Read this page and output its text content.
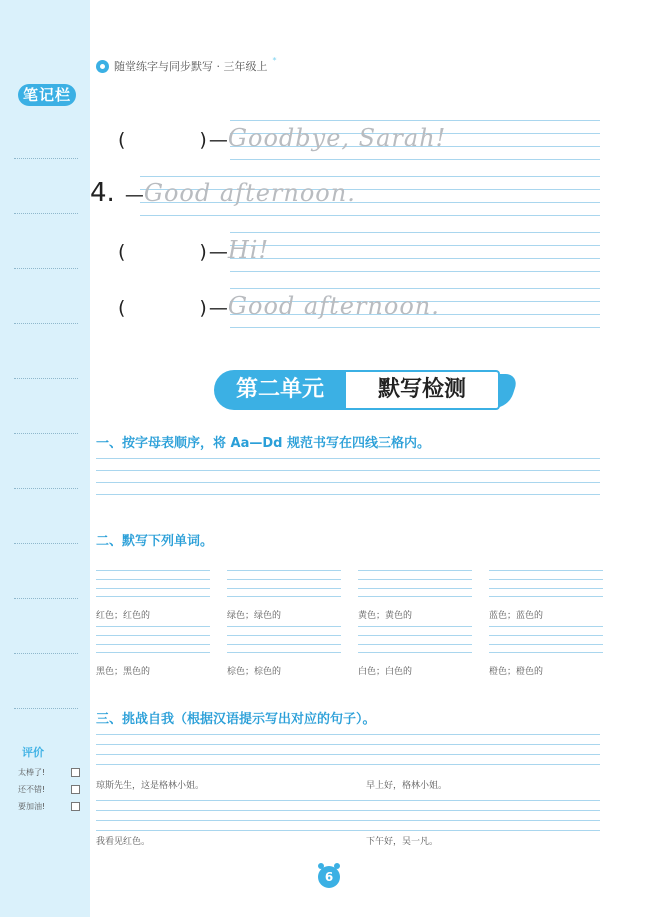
笔记栏
评价
太棒了!
还不错!
要加油!
随堂练字与同步默写 · 三年级上 *
(	) — Goodbye, Sarah!
4. — Good afternoon.
(	) — Hi!
(	) — Good afternoon.
第二单元	默写检测
一、按字母表顺序，将 Aa—Dd 规范书写在四线三格内。
二、默写下列单词。
红色；红色的	绿色；绿色的	黄色；黄色的	蓝色；蓝色的
黑色；黑色的	棕色；棕色的	白色；白色的	橙色；橙色的
三、挑战自我（根据汉语提示写出对应的句子）。
琼斯先生，这是格林小姐。	早上好，格林小姐。
我看见红色。	下午好，吴一凡。
6
